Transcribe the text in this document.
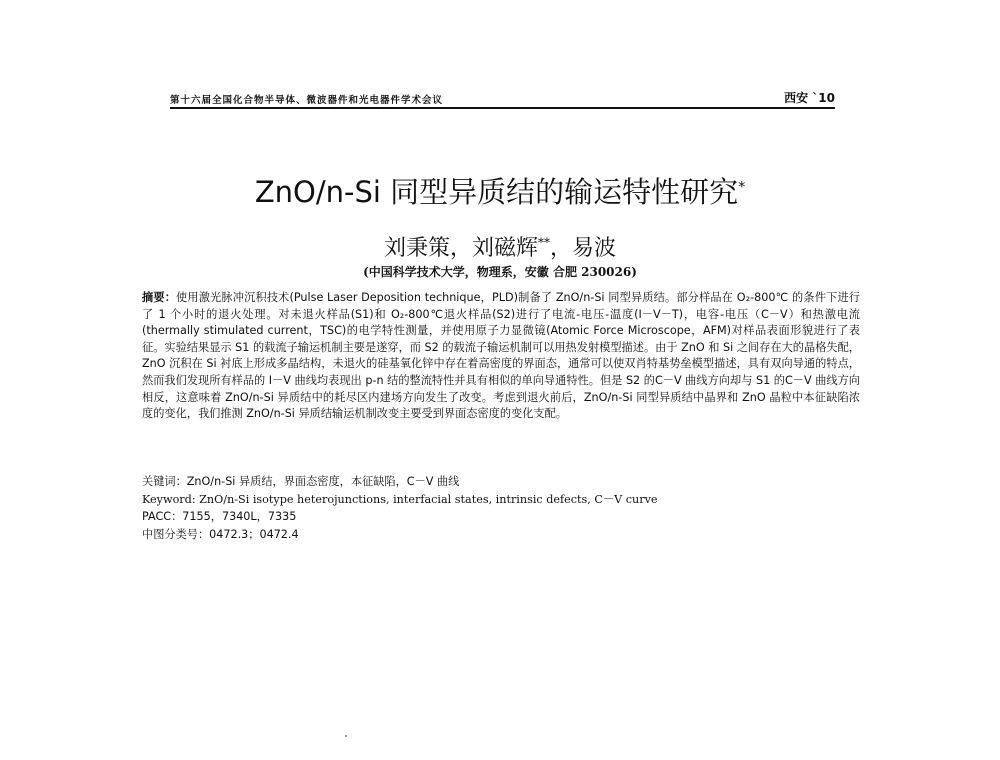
第十六届全国化合物半导体、微波器件和光电器件学术会议	西安 `10
ZnO/n-Si 同型异质结的输运特性研究*
刘秉策，刘磁辉**，易波
(中国科学技术大学，物理系，安徽 合肥 230026)
摘要：使用激光脉冲沉积技术(Pulse Laser Deposition technique，PLD)制备了 ZnO/n-Si 同型异质结。部分样品在 O₂-800℃ 的条件下进行了 1 个小时的退火处理。对未退火样品(S1)和 O₂-800℃退火样品(S2)进行了电流-电压-温度(I－V－T)，电容-电压（C－V）和热激电流(thermally stimulated current，TSC)的电学特性测量，并使用原子力显微镜(Atomic Force Microscope，AFM)对样品表面形貌进行了表征。实验结果显示 S1 的载流子输运机制主要是遂穿，而 S2 的载流子输运机制可以用热发射模型描述。由于 ZnO 和 Si 之间存在大的晶格失配，ZnO 沉积在 Si 衬底上形成多晶结构，未退火的硅基氧化锌中存在着高密度的界面态，通常可以使双肖特基势垒模型描述，具有双向导通的特点，然而我们发现所有样品的 I－V 曲线均表现出 p-n 结的整流特性并具有相似的单向导通特性。但是 S2 的C－V 曲线方向却与 S1 的C－V 曲线方向相反，这意味着 ZnO/n-Si 异质结中的耗尽区内建场方向发生了改变。考虑到退火前后，ZnO/n-Si 同型异质结中晶界和 ZnO 晶粒中本征缺陷浓度的变化，我们推测 ZnO/n-Si 异质结输运机制改变主要受到界面态密度的变化支配。
关键词：ZnO/n-Si 异质结，界面态密度，本征缺陷，C－V 曲线
Keyword: ZnO/n-Si isotype heterojunctions, interfacial states, intrinsic defects, C－V curve
PACC：7155，7340L，7335
中图分类号：0472.3；0472.4
